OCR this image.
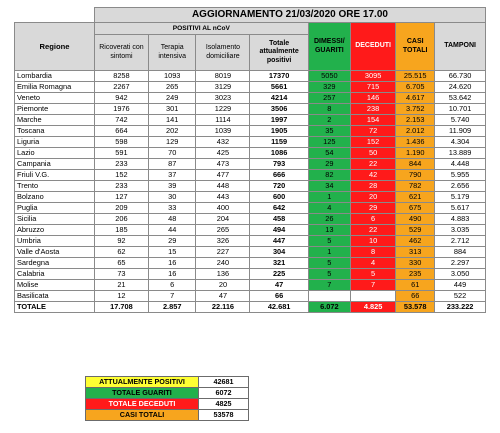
	AGGIORNAMENTO 21/03/2020 ORE 17.00							
Regione	POSITIVI AL nCoV				DIMESSI/ GUARITI	DECEDUTI	CASI TOTALI	TAMPONI
	Ricoverati con sintomi	Terapia intensiva	Isolamento domiciliare	Totale attualmente positivi				
Lombardia	8258	1093	8019	17370	5050	3095	25.515	66.730
Emilia Romagna	2267	265	3129	5661	329	715	6.705	24.620
Veneto	942	249	3023	4214	257	146	4.617	53.642
Piemonte	1976	301	1229	3506	8	238	3.752	10.701
Marche	742	141	1114	1997	2	154	2.153	5.740
Toscana	664	202	1039	1905	35	72	2.012	11.909
Liguria	598	129	432	1159	125	152	1.436	4.304
Lazio	591	70	425	1086	54	50	1.190	13.889
Campania	233	87	473	793	29	22	844	4.448
Friuli V.G.	152	37	477	666	82	42	790	5.955
Trento	233	39	448	720	34	28	782	2.656
Bolzano	127	30	443	600	1	20	621	5.179
Puglia	209	33	400	642	4	29	675	5.617
Sicilia	206	48	204	458	26	6	490	4.883
Abruzzo	185	44	265	494	13	22	529	3.035
Umbria	92	29	326	447	5	10	462	2.712
Valle d'Aosta	62	15	227	304	1	8	313	884
Sardegna	65	16	240	321	5	4	330	2.297
Calabria	73	16	136	225	5	5	235	3.050
Molise	21	6	20	47	7	7	61	449
Basilicata	12	7	47	66			66	522
TOTALE	17.708	2.857	22.116	42.681	6.072	4.825	53.578	233.222
ATTUALMENTE POSITIVI	42681
TOTALE GUARITI	6072
TOTALE DECEDUTI	4825
CASI TOTALI	53578
